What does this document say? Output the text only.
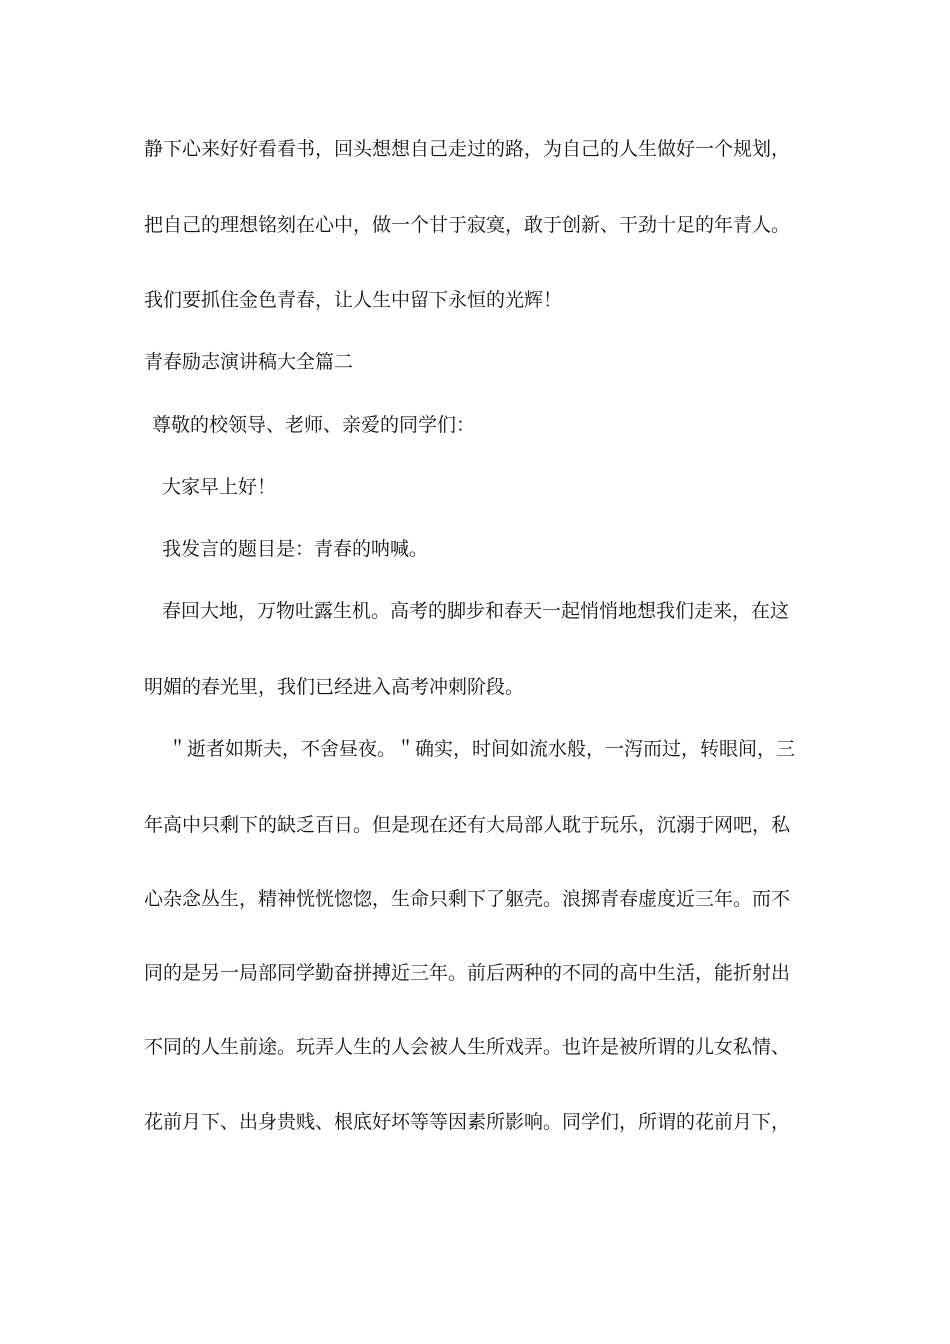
静下心来好好看看书，回头想想自己走过的路，为自己的人生做好一个规划，
把自己的理想铭刻在心中，做一个甘于寂寞，敢于创新、干劲十足的年青人。
我们要抓住金色青春，让人生中留下永恒的光辉！
青春励志演讲稿大全篇二
尊敬的校领导、老师、亲爱的同学们：
大家早上好！
我发言的题目是：青春的呐喊。
春回大地，万物吐露生机。高考的脚步和春天一起悄悄地想我们走来，在这
明媚的春光里，我们已经进入高考冲刺阶段。
＂逝者如斯夫，不舍昼夜。＂确实，时间如流水般，一泻而过，转眼间，三
年高中只剩下的缺乏百日。但是现在还有大局部人耽于玩乐，沉溺于网吧，私
心杂念丛生，精神恍恍惚惚，生命只剩下了躯壳。浪掷青春虚度近三年。而不
同的是另一局部同学勤奋拼搏近三年。前后两种的不同的高中生活，能折射出
不同的人生前途。玩弄人生的人会被人生所戏弄。也许是被所谓的儿女私情、
花前月下、出身贵贱、根底好坏等等因素所影响。同学们，所谓的花前月下，
